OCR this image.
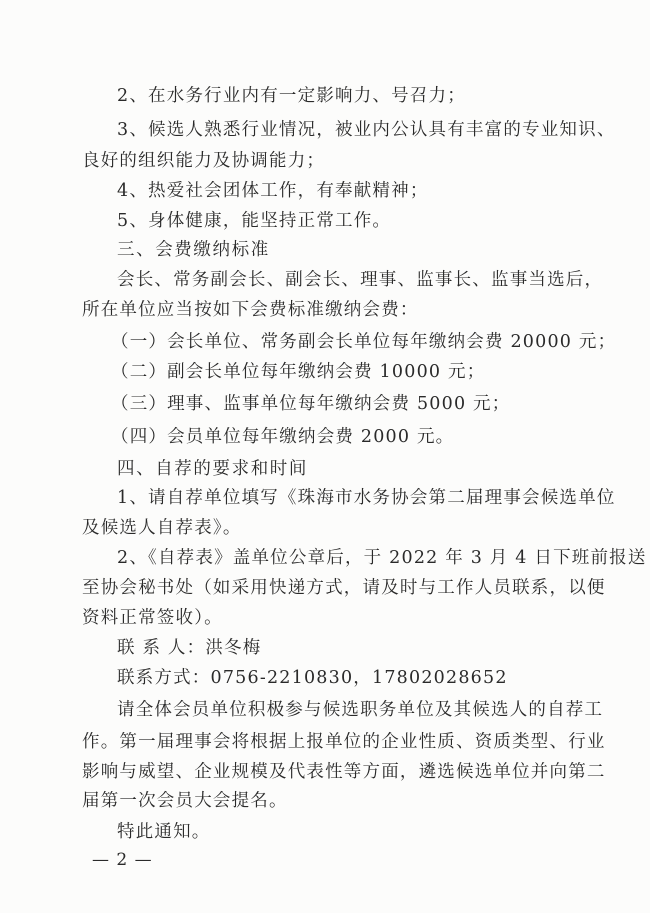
2、在水务行业内有一定影响力、号召力；
3、候选人熟悉行业情况，被业内公认具有丰富的专业知识、
良好的组织能力及协调能力；
4、热爱社会团体工作，有奉献精神；
5、身体健康，能坚持正常工作。
三、会费缴纳标准
会长、常务副会长、副会长、理事、监事长、监事当选后，
所在单位应当按如下会费标准缴纳会费：
（一）会长单位、常务副会长单位每年缴纳会费 20000 元；
（二）副会长单位每年缴纳会费 10000 元；
（三）理事、监事单位每年缴纳会费 5000 元；
（四）会员单位每年缴纳会费 2000 元。
四、自荐的要求和时间
1、请自荐单位填写《珠海市水务协会第二届理事会候选单位
及候选人自荐表》。
2、《自荐表》盖单位公章后，于 2022 年 3 月 4 日下班前报送
至协会秘书处（如采用快递方式，请及时与工作人员联系，以便
资料正常签收）。
联 系 人：洪冬梅
联系方式：0756-2210830，17802028652
请全体会员单位积极参与候选职务单位及其候选人的自荐工
作。第一届理事会将根据上报单位的企业性质、资质类型、行业
影响与威望、企业规模及代表性等方面，遴选候选单位并向第二
届第一次会员大会提名。
特此通知。
— 2 —
